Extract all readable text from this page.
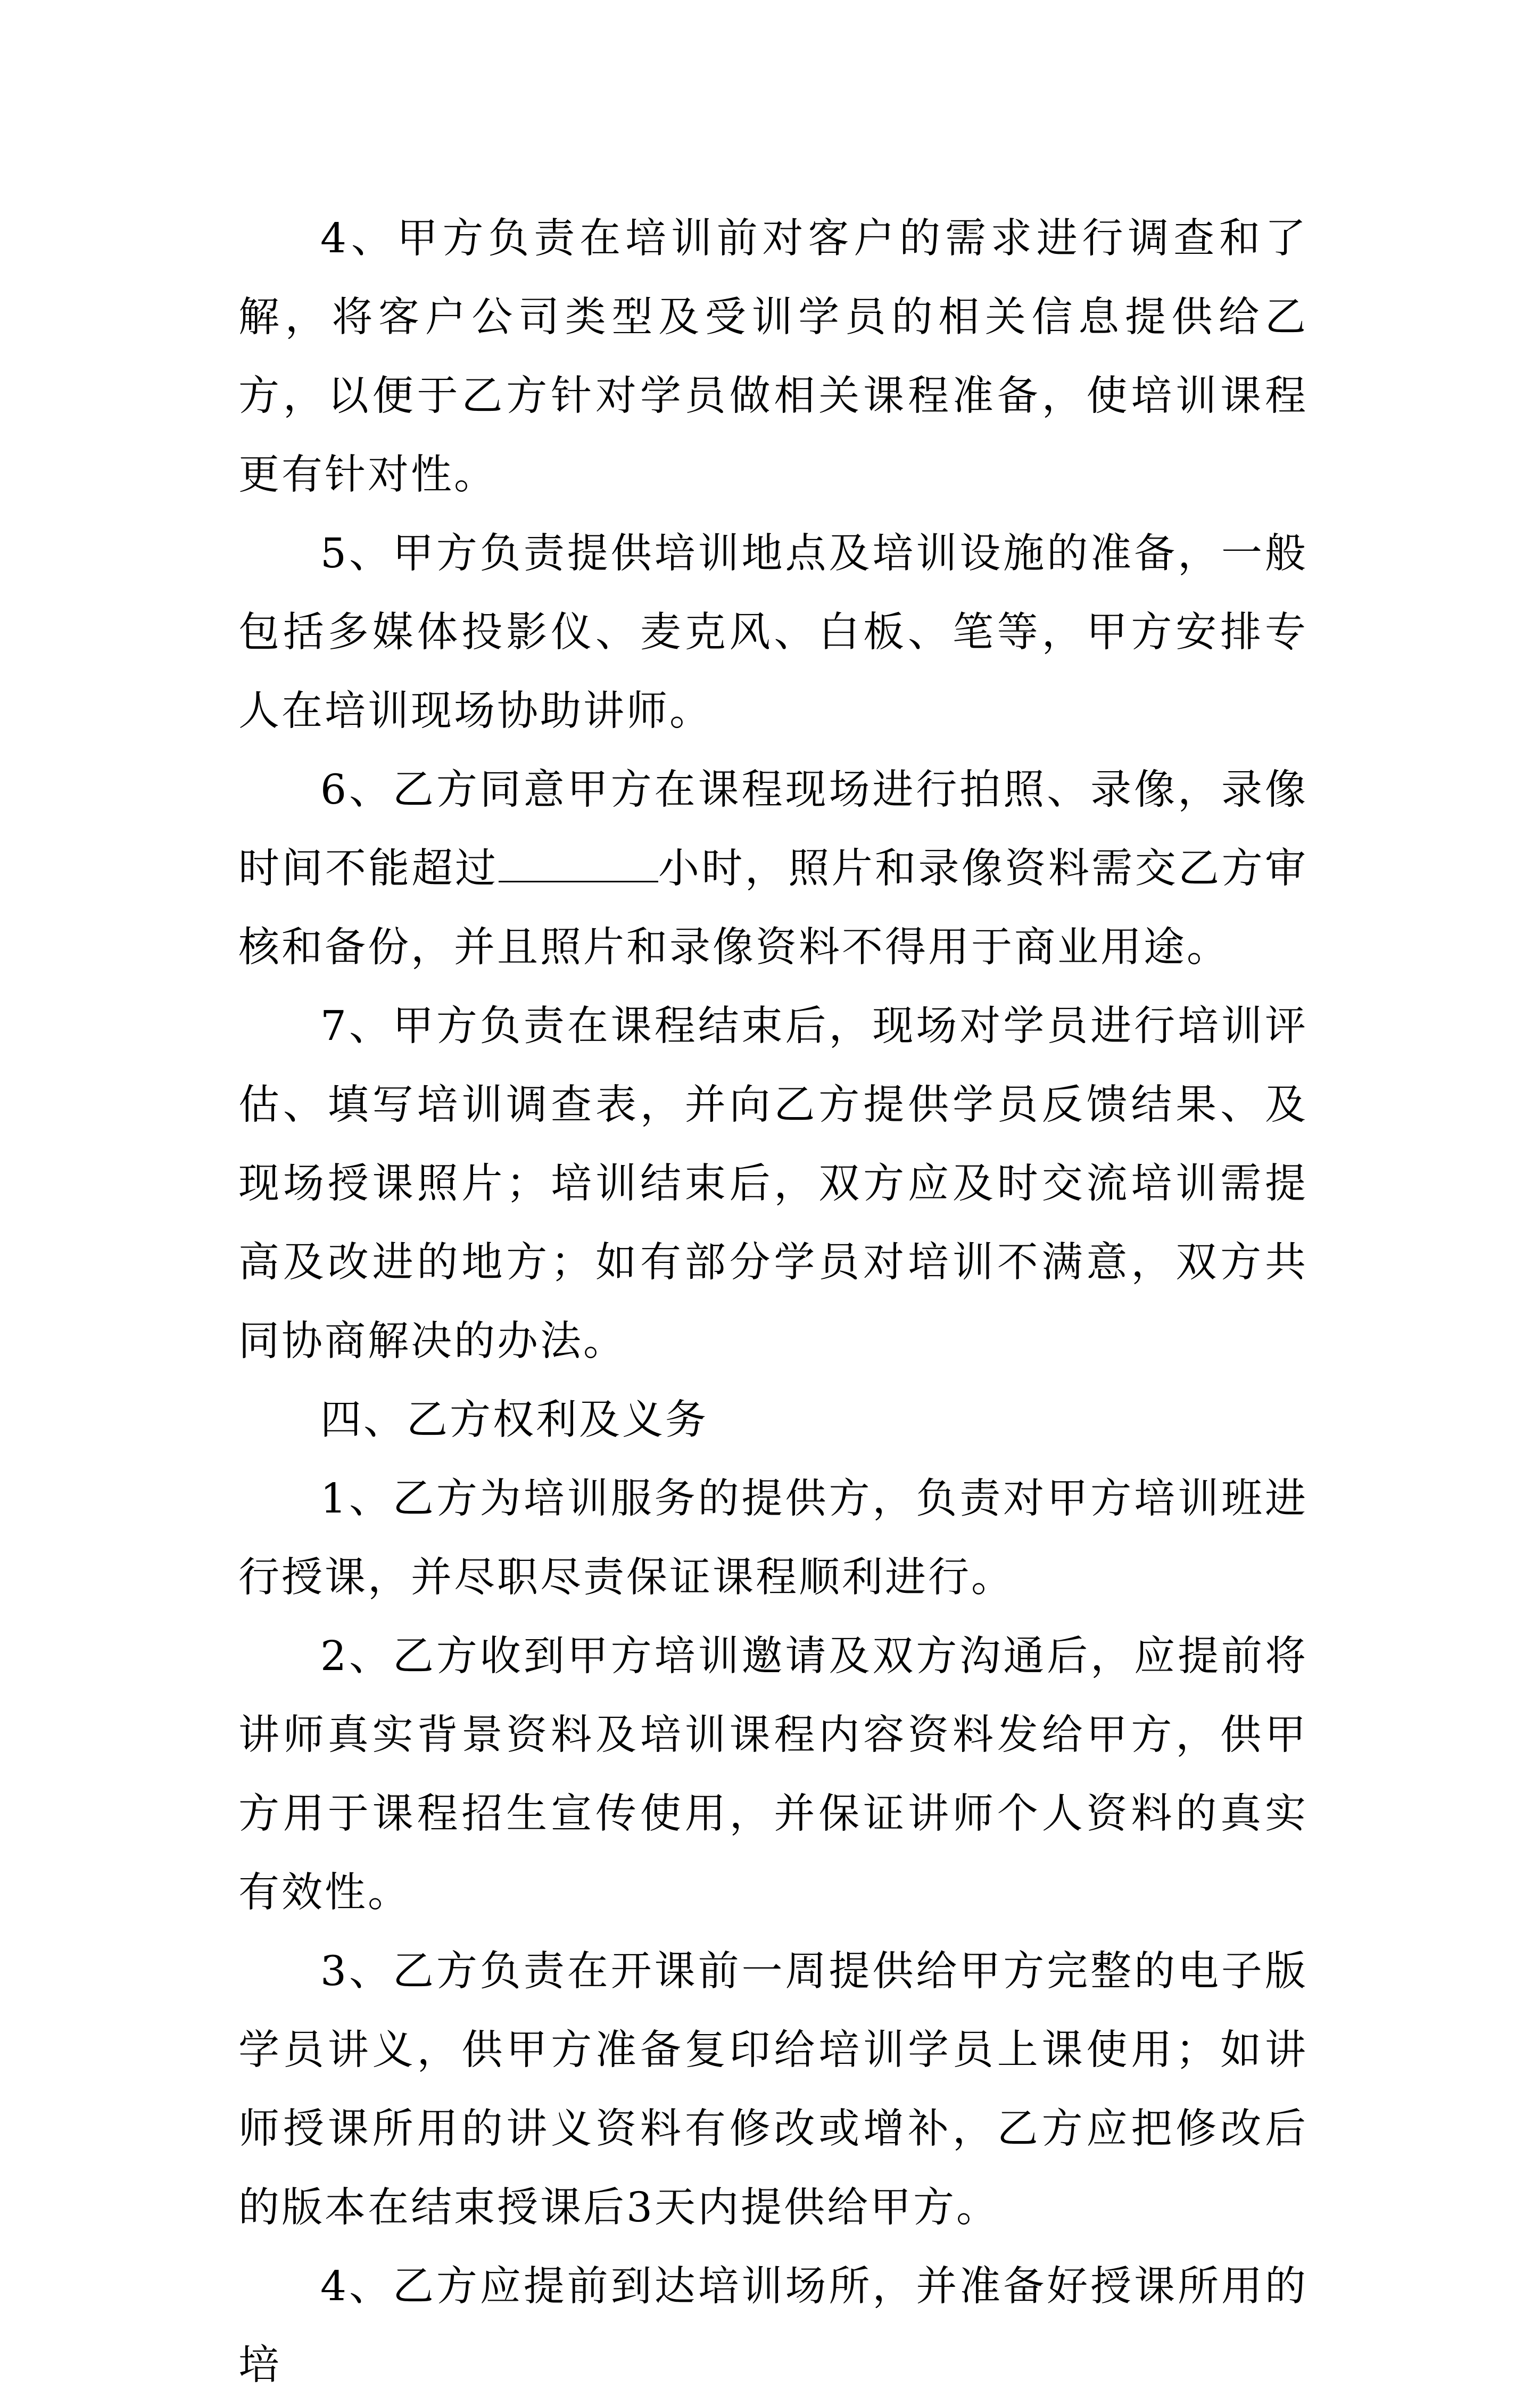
4、甲方负责在培训前对客户的需求进行调查和了解，将客户公司类型及受训学员的相关信息提供给乙方，以便于乙方针对学员做相关课程准备，使培训课程更有针对性。

5、甲方负责提供培训地点及培训设施的准备，一般包括多媒体投影仪、麦克风、白板、笔等，甲方安排专人在培训现场协助讲师。

6、乙方同意甲方在课程现场进行拍照、录像，录像时间不能超过	小时，照片和录像资料需交乙方审核和备份，并且照片和录像资料不得用于商业用途。

7、甲方负责在课程结束后，现场对学员进行培训评估、填写培训调查表，并向乙方提供学员反馈结果、及现场授课照片；培训结束后，双方应及时交流培训需提高及改进的地方；如有部分学员对培训不满意，双方共同协商解决的办法。

四、乙方权利及义务

1、乙方为培训服务的提供方，负责对甲方培训班进行授课，并尽职尽责保证课程顺利进行。

2、乙方收到甲方培训邀请及双方沟通后，应提前将讲师真实背景资料及培训课程内容资料发给甲方，供甲方用于课程招生宣传使用，并保证讲师个人资料的真实有效性。

3、乙方负责在开课前一周提供给甲方完整的电子版学员讲义，供甲方准备复印给培训学员上课使用；如讲师授课所用的讲义资料有修改或增补，乙方应把修改后的版本在结束授课后3天内提供给甲方。

4、乙方应提前到达培训场所，并准备好授课所用的培
